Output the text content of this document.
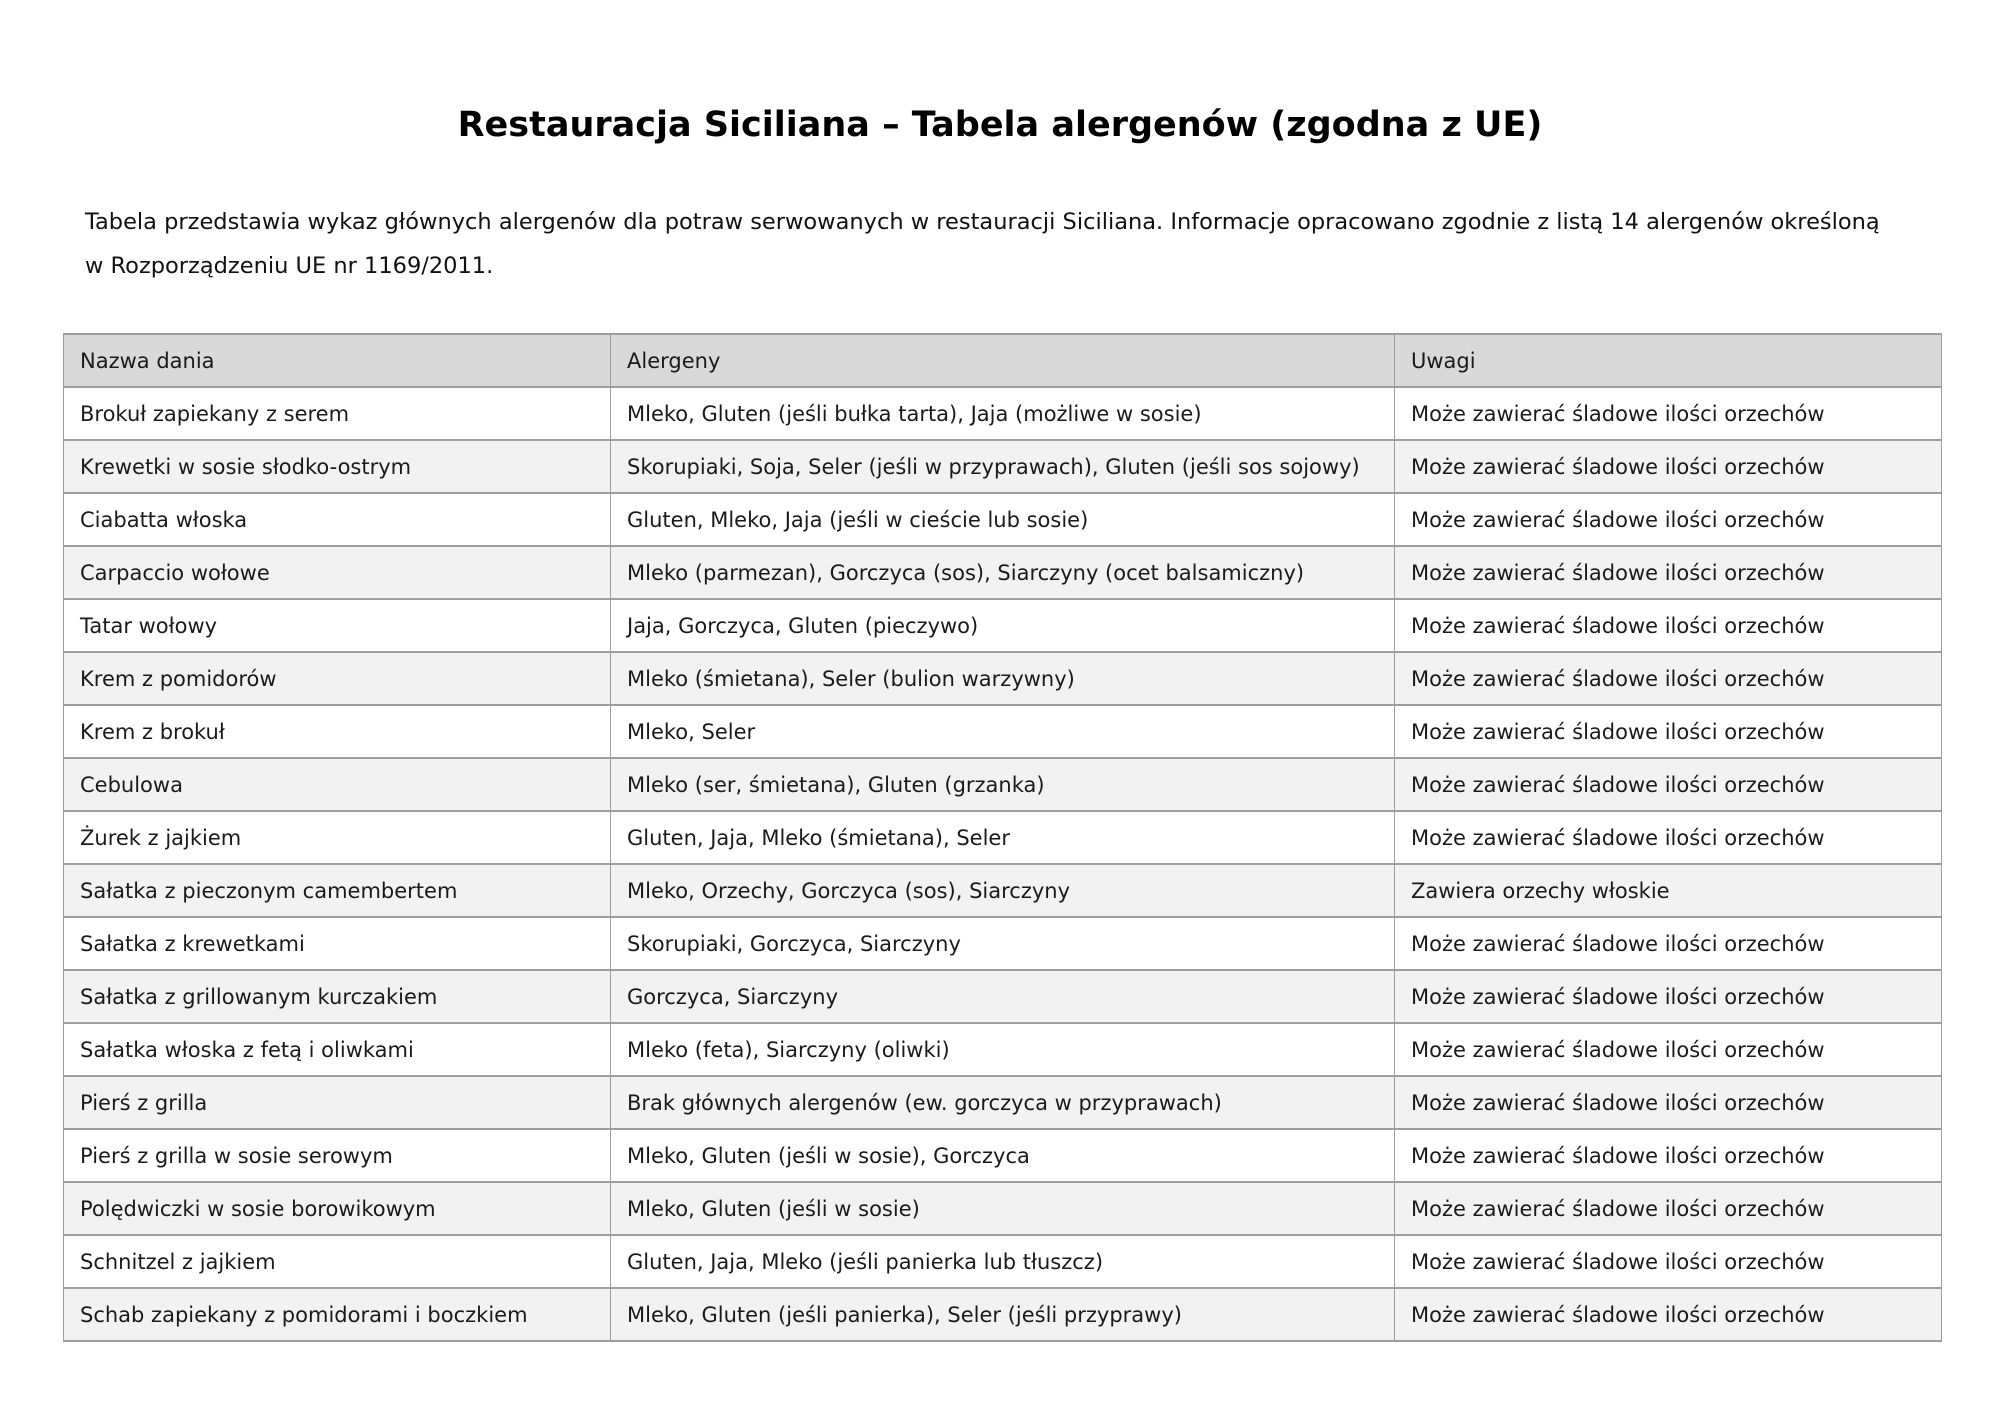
Restauracja Siciliana – Tabela alergenów (zgodna z UE)

Tabela przedstawia wykaz głównych alergenów dla potraw serwowanych w restauracji Siciliana. Informacje opracowano zgodnie z listą 14 alergenów określoną w Rozporządzeniu UE nr 1169/2011.

Nazwa dania	Alergeny	Uwagi
Brokuł zapiekany z serem	Mleko, Gluten (jeśli bułka tarta), Jaja (możliwe w sosie)	Może zawierać śladowe ilości orzechów
Krewetki w sosie słodko-ostrym	Skorupiaki, Soja, Seler (jeśli w przyprawach), Gluten (jeśli sos sojowy)	Może zawierać śladowe ilości orzechów
Ciabatta włoska	Gluten, Mleko, Jaja (jeśli w cieście lub sosie)	Może zawierać śladowe ilości orzechów
Carpaccio wołowe	Mleko (parmezan), Gorczyca (sos), Siarczyny (ocet balsamiczny)	Może zawierać śladowe ilości orzechów
Tatar wołowy	Jaja, Gorczyca, Gluten (pieczywo)	Może zawierać śladowe ilości orzechów
Krem z pomidorów	Mleko (śmietana), Seler (bulion warzywny)	Może zawierać śladowe ilości orzechów
Krem z brokuł	Mleko, Seler	Może zawierać śladowe ilości orzechów
Cebulowa	Mleko (ser, śmietana), Gluten (grzanka)	Może zawierać śladowe ilości orzechów
Żurek z jajkiem	Gluten, Jaja, Mleko (śmietana), Seler	Może zawierać śladowe ilości orzechów
Sałatka z pieczonym camembertem	Mleko, Orzechy, Gorczyca (sos), Siarczyny	Zawiera orzechy włoskie
Sałatka z krewetkami	Skorupiaki, Gorczyca, Siarczyny	Może zawierać śladowe ilości orzechów
Sałatka z grillowanym kurczakiem	Gorczyca, Siarczyny	Może zawierać śladowe ilości orzechów
Sałatka włoska z fetą i oliwkami	Mleko (feta), Siarczyny (oliwki)	Może zawierać śladowe ilości orzechów
Pierś z grilla	Brak głównych alergenów (ew. gorczyca w przyprawach)	Może zawierać śladowe ilości orzechów
Pierś z grilla w sosie serowym	Mleko, Gluten (jeśli w sosie), Gorczyca	Może zawierać śladowe ilości orzechów
Polędwiczki w sosie borowikowym	Mleko, Gluten (jeśli w sosie)	Może zawierać śladowe ilości orzechów
Schnitzel z jajkiem	Gluten, Jaja, Mleko (jeśli panierka lub tłuszcz)	Może zawierać śladowe ilości orzechów
Schab zapiekany z pomidorami i boczkiem	Mleko, Gluten (jeśli panierka), Seler (jeśli przyprawy)	Może zawierać śladowe ilości orzechów
